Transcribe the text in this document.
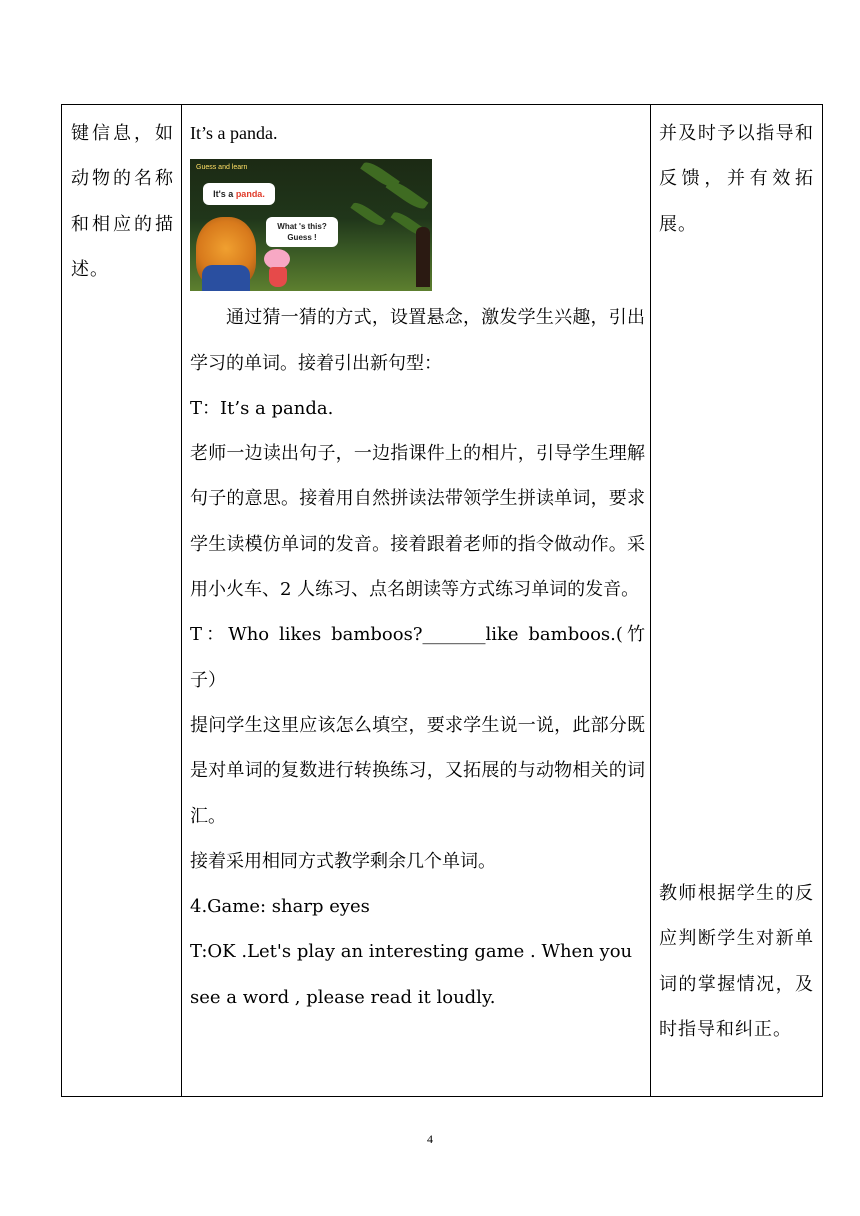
键信息，如动物的名称和相应的描述。

It’s a panda.

Guess and learn
It's a panda.
What 's this?
Guess !

通过猜一猜的方式，设置悬念，激发学生兴趣，引出学习的单词。接着引出新句型：

T：It’s a panda.

老师一边读出句子，一边指课件上的相片，引导学生理解句子的意思。接着用自然拼读法带领学生拼读单词，要求学生读模仿单词的发音。接着跟着老师的指令做动作。采用小火车、2 人练习、点名朗读等方式练习单词的发音。

T：Who likes bamboos?_______like bamboos.(竹子）

提问学生这里应该怎么填空，要求学生说一说，此部分既是对单词的复数进行转换练习，又拓展的与动物相关的词汇。

接着采用相同方式教学剩余几个单词。

4.Game: sharp eyes

T:OK .Let's play an interesting game . When you see a word , please read it loudly.

并及时予以指导和反馈，并有效拓展。

教师根据学生的反应判断学生对新单词的掌握情况，及时指导和纠正。

4
